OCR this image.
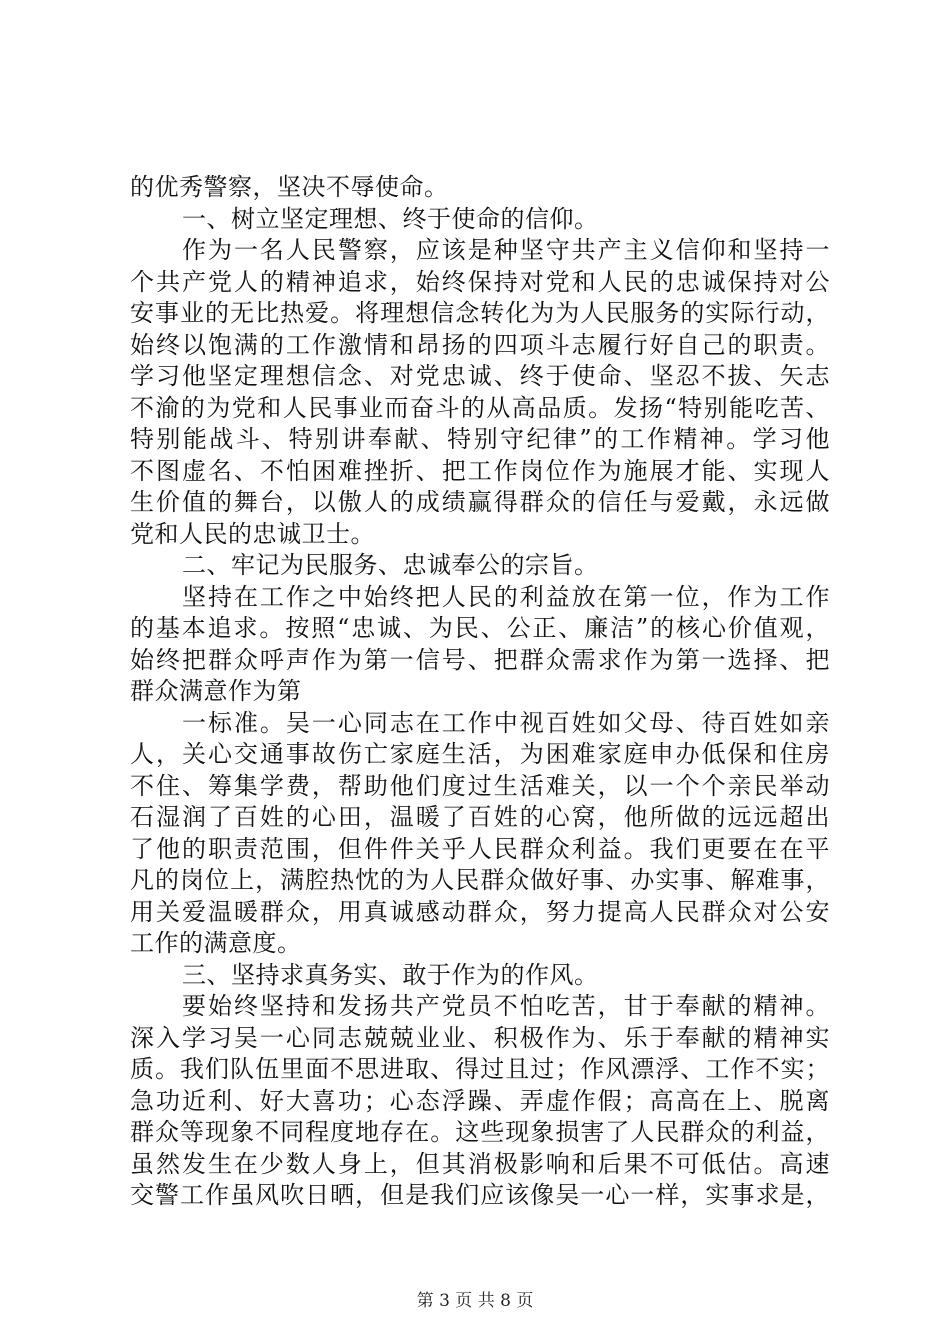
的优秀警察，坚决不辱使命。
一、树立坚定理想、终于使命的信仰。
作为一名人民警察，应该是种坚守共产主义信仰和坚持一
个共产党人的精神追求，始终保持对党和人民的忠诚保持对公
安事业的无比热爱。将理想信念转化为为人民服务的实际行动，
始终以饱满的工作激情和昂扬的四项斗志履行好自己的职责。
学习他坚定理想信念、对党忠诚、终于使命、坚忍不拔、矢志
不渝的为党和人民事业而奋斗的从高品质。发扬“特别能吃苦、
特别能战斗、特别讲奉献、特别守纪律”的工作精神。学习他
不图虚名、不怕困难挫折、把工作岗位作为施展才能、实现人
生价值的舞台，以傲人的成绩赢得群众的信任与爱戴，永远做
党和人民的忠诚卫士。
二、牢记为民服务、忠诚奉公的宗旨。
坚持在工作之中始终把人民的利益放在第一位，作为工作
的基本追求。按照“忠诚、为民、公正、廉洁”的核心价值观，
始终把群众呼声作为第一信号、把群众需求作为第一选择、把
群众满意作为第
一标准。吴一心同志在工作中视百姓如父母、待百姓如亲
人，关心交通事故伤亡家庭生活，为困难家庭申办低保和住房
不住、筹集学费，帮助他们度过生活难关，以一个个亲民举动
石湿润了百姓的心田，温暖了百姓的心窝，他所做的远远超出
了他的职责范围，但件件关乎人民群众利益。我们更要在在平
凡的岗位上，满腔热忱的为人民群众做好事、办实事、解难事，
用关爱温暖群众，用真诚感动群众，努力提高人民群众对公安
工作的满意度。
三、坚持求真务实、敢于作为的作风。
要始终坚持和发扬共产党员不怕吃苦，甘于奉献的精神。
深入学习吴一心同志兢兢业业、积极作为、乐于奉献的精神实
质。我们队伍里面不思进取、得过且过；作风漂浮、工作不实；
急功近利、好大喜功；心态浮躁、弄虚作假；高高在上、脱离
群众等现象不同程度地存在。这些现象损害了人民群众的利益，
虽然发生在少数人身上，但其消极影响和后果不可低估。高速
交警工作虽风吹日晒，但是我们应该像吴一心一样，实事求是，
第 3 页 共 8 页
